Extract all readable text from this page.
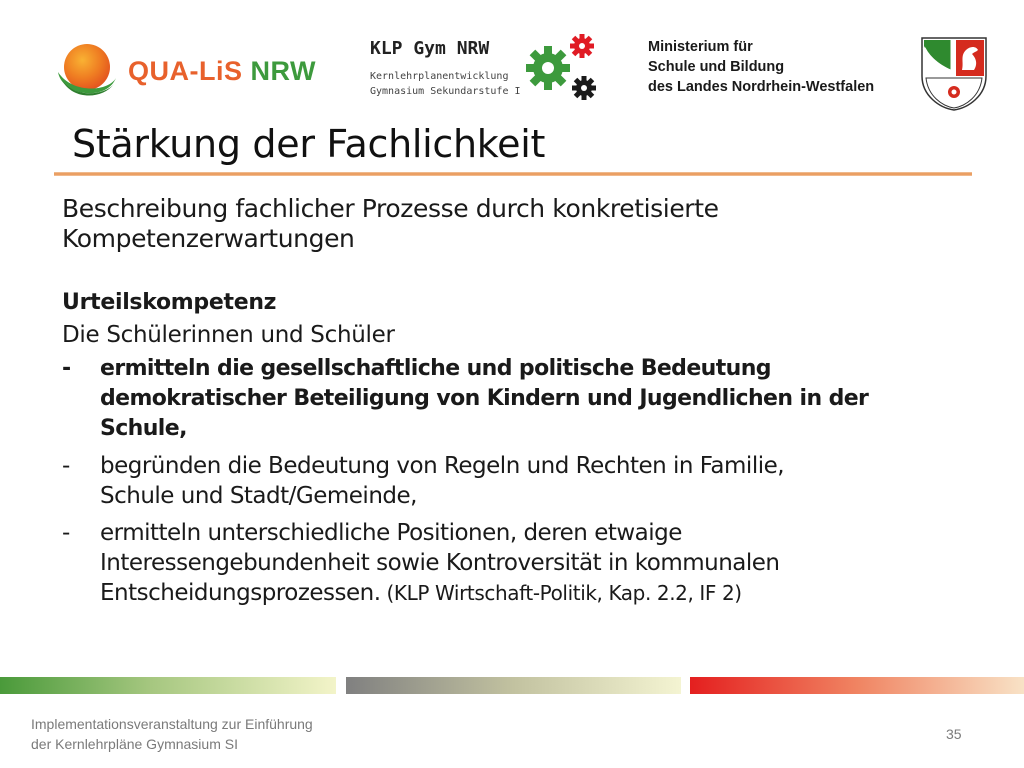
QUA-LiS NRW
KLP Gym NRW
Kernlehrplanentwicklung
Gymnasium Sekundarstufe I
Ministerium für
Schule und Bildung
des Landes Nordrhein-Westfalen
Stärkung der Fachlichkeit

Beschreibung fachlicher Prozesse durch konkretisierte
Kompetenzerwartungen

Urteilskompetenz
Die Schülerinnen und Schüler
- ermitteln die gesellschaftliche und politische Bedeutung
demokratischer Beteiligung von Kindern und Jugendlichen in der
Schule,
- begründen die Bedeutung von Regeln und Rechten in Familie,
Schule und Stadt/Gemeinde,
- ermitteln unterschiedliche Positionen, deren etwaige
Interessengebundenheit sowie Kontroversität in kommunalen
Entscheidungsprozessen. (KLP Wirtschaft-Politik, Kap. 2.2, IF 2)
Implementationsveranstaltung zur Einführung
der Kernlehrpläne Gymnasium SI
35
